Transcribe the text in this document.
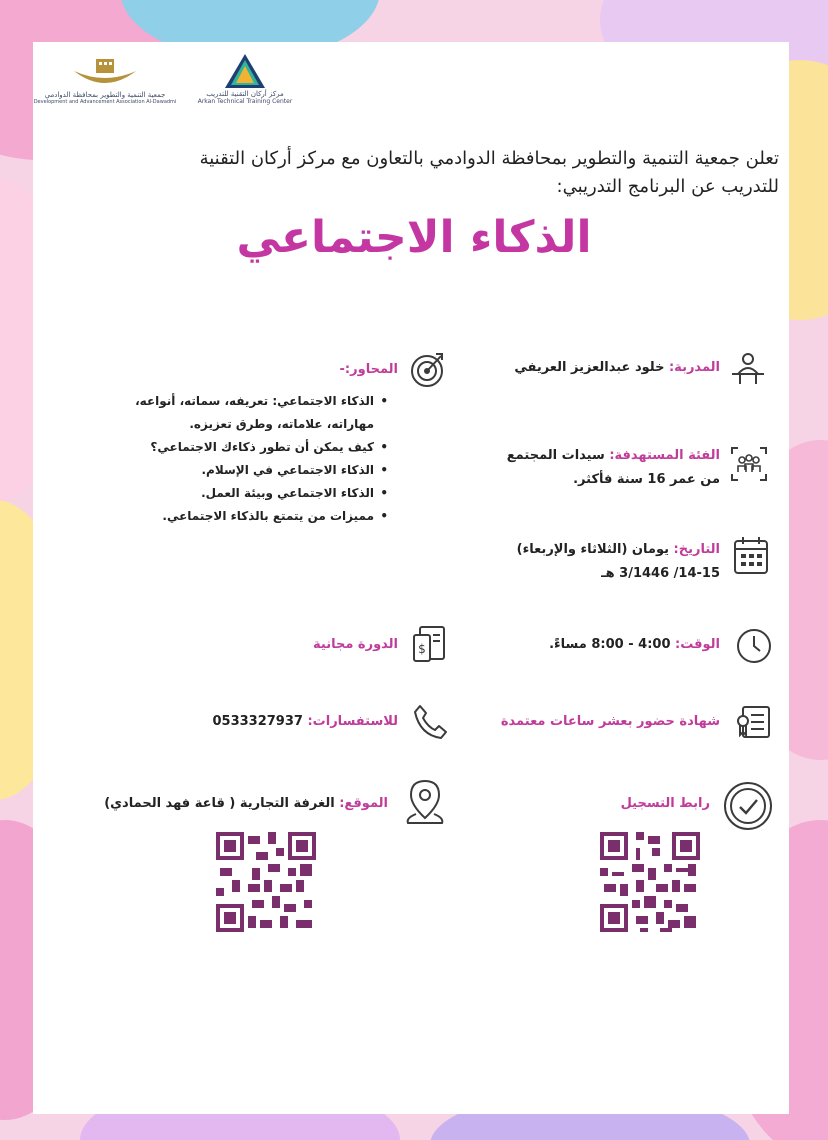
جمعية التنمية والتطوير بمحافظة الدوادمي
Development and Advancement Association Al-Dawadmi
مركز أركان التقنية للتدريب
Arkan Technical Training Center
تعلن جمعية التنمية والتطوير بمحافظة الدوادمي بالتعاون مع مركز أركان التقنية
للتدريب عن البرنامج التدريبي:
الذكاء الاجتماعي
المدربة: خلود عبدالعزيز العريفي
الفئة المستهدفة: سيدات المجتمع
من عمر 16 سنة فأكثر.
التاريخ: يومان (الثلاثاء والإربعاء)
14-15/ 3/1446 هـ
الوقت: 4:00 - 8:00 مساءً.
شهادة حضور بعشر ساعات معتمدة
رابط التسجيل
المحاور:-
• الذكاء الاجتماعي: تعريفه، سماته، أنواعه، مهاراته، علاماته، وطرق تعزيزه.
• كيف يمكن أن تطور ذكاءك الاجتماعي؟
• الذكاء الاجتماعي في الإسلام.
• الذكاء الاجتماعي وبيئة العمل.
• مميزات من يتمتع بالذكاء الاجتماعي.
$
الدورة مجانية
للاستفسارات: 0533327937
الموقع: الغرفة التجارية ( قاعة فهد الحمادي)
